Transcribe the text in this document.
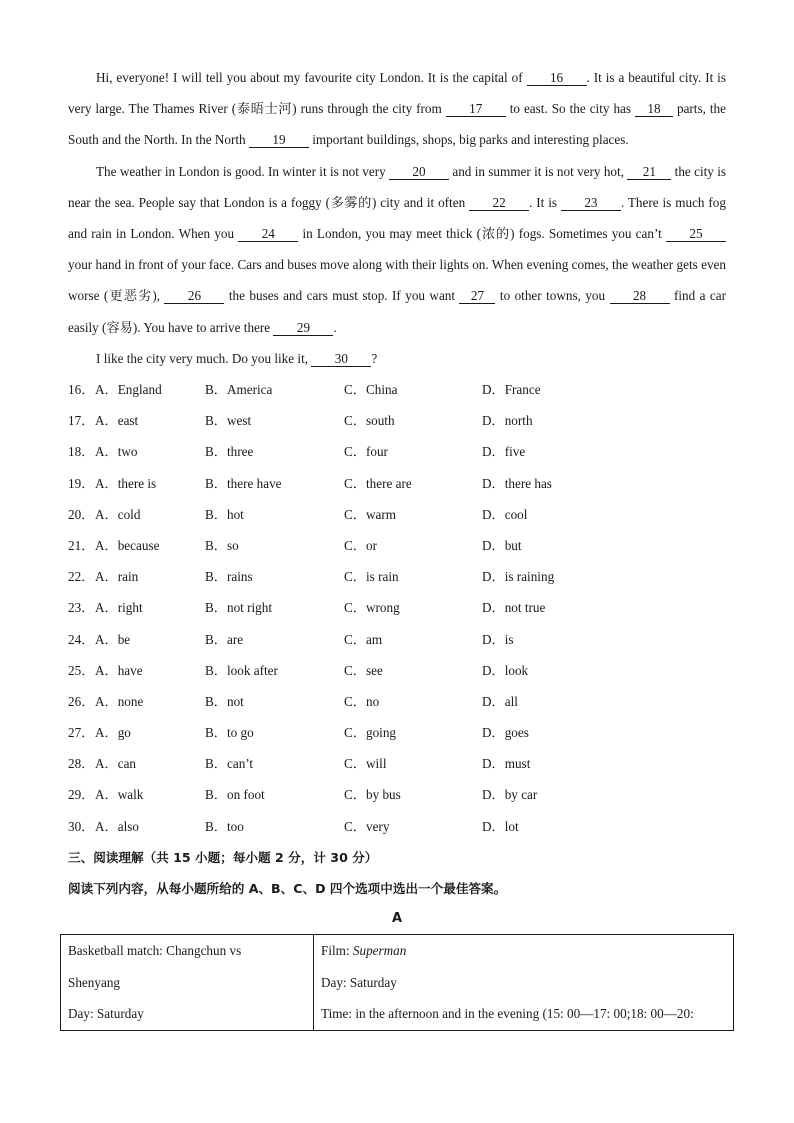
Hi, everyone! I will tell you about my favourite city London. It is the capital of 16 . It is a beautiful city. It is very large. The Thames River (泰晤士河) runs through the city from 17 to east. So the city has 18 parts, the South and the North. In the North 19 important buildings, shops, big parks and interesting places.

The weather in London is good. In winter it is not very 20 and in summer it is not very hot, 21 the city is near the sea. People say that London is a foggy (多雾的) city and it often 22 . It is 23 . There is much fog and rain in London. When you 24 in London, you may meet thick (浓的) fogs. Sometimes you can’t 25 your hand in front of your face. Cars and buses move along with their lights on. When evening comes, the weather gets even worse (更恶劣), 26 the buses and cars must stop. If you want 27 to other towns, you 28 find a car easily (容易). You have to arrive there 29 .

I like the city very much. Do you like it, 30 ?

16． A．England	B．America	C．China	D．France
17． A．east	B．west	C．south	D．north
18． A．two	B．three	C．four	D．five
19． A．there is	B．there have	C．there are	D．there has
20． A．cold	B．hot	C．warm	D．cool
21． A．because	B．so	C．or	D．but
22． A．rain	B．rains	C．is rain	D．is raining
23． A．right	B．not right	C．wrong	D．not true
24． A．be	B．are	C．am	D．is
25． A．have	B．look after	C．see	D．look
26． A．none	B．not	C．no	D．all
27． A．go	B．to go	C．going	D．goes
28． A．can	B．can’t	C．will	D．must
29． A．walk	B．on foot	C．by bus	D．by car
30． A．also	B．too	C．very	D．lot

三、阅读理解（共 15 小题；每小题 2 分，计 30 分）

阅读下列内容，从每小题所给的 A、B、C、D 四个选项中选出一个最佳答案。

A
Basketball match: Changchun vs
Shenyang
Day: Saturday

Film: Superman
Day: Saturday
Time: in the afternoon and in the evening (15: 00—17: 00;18: 00—20:
